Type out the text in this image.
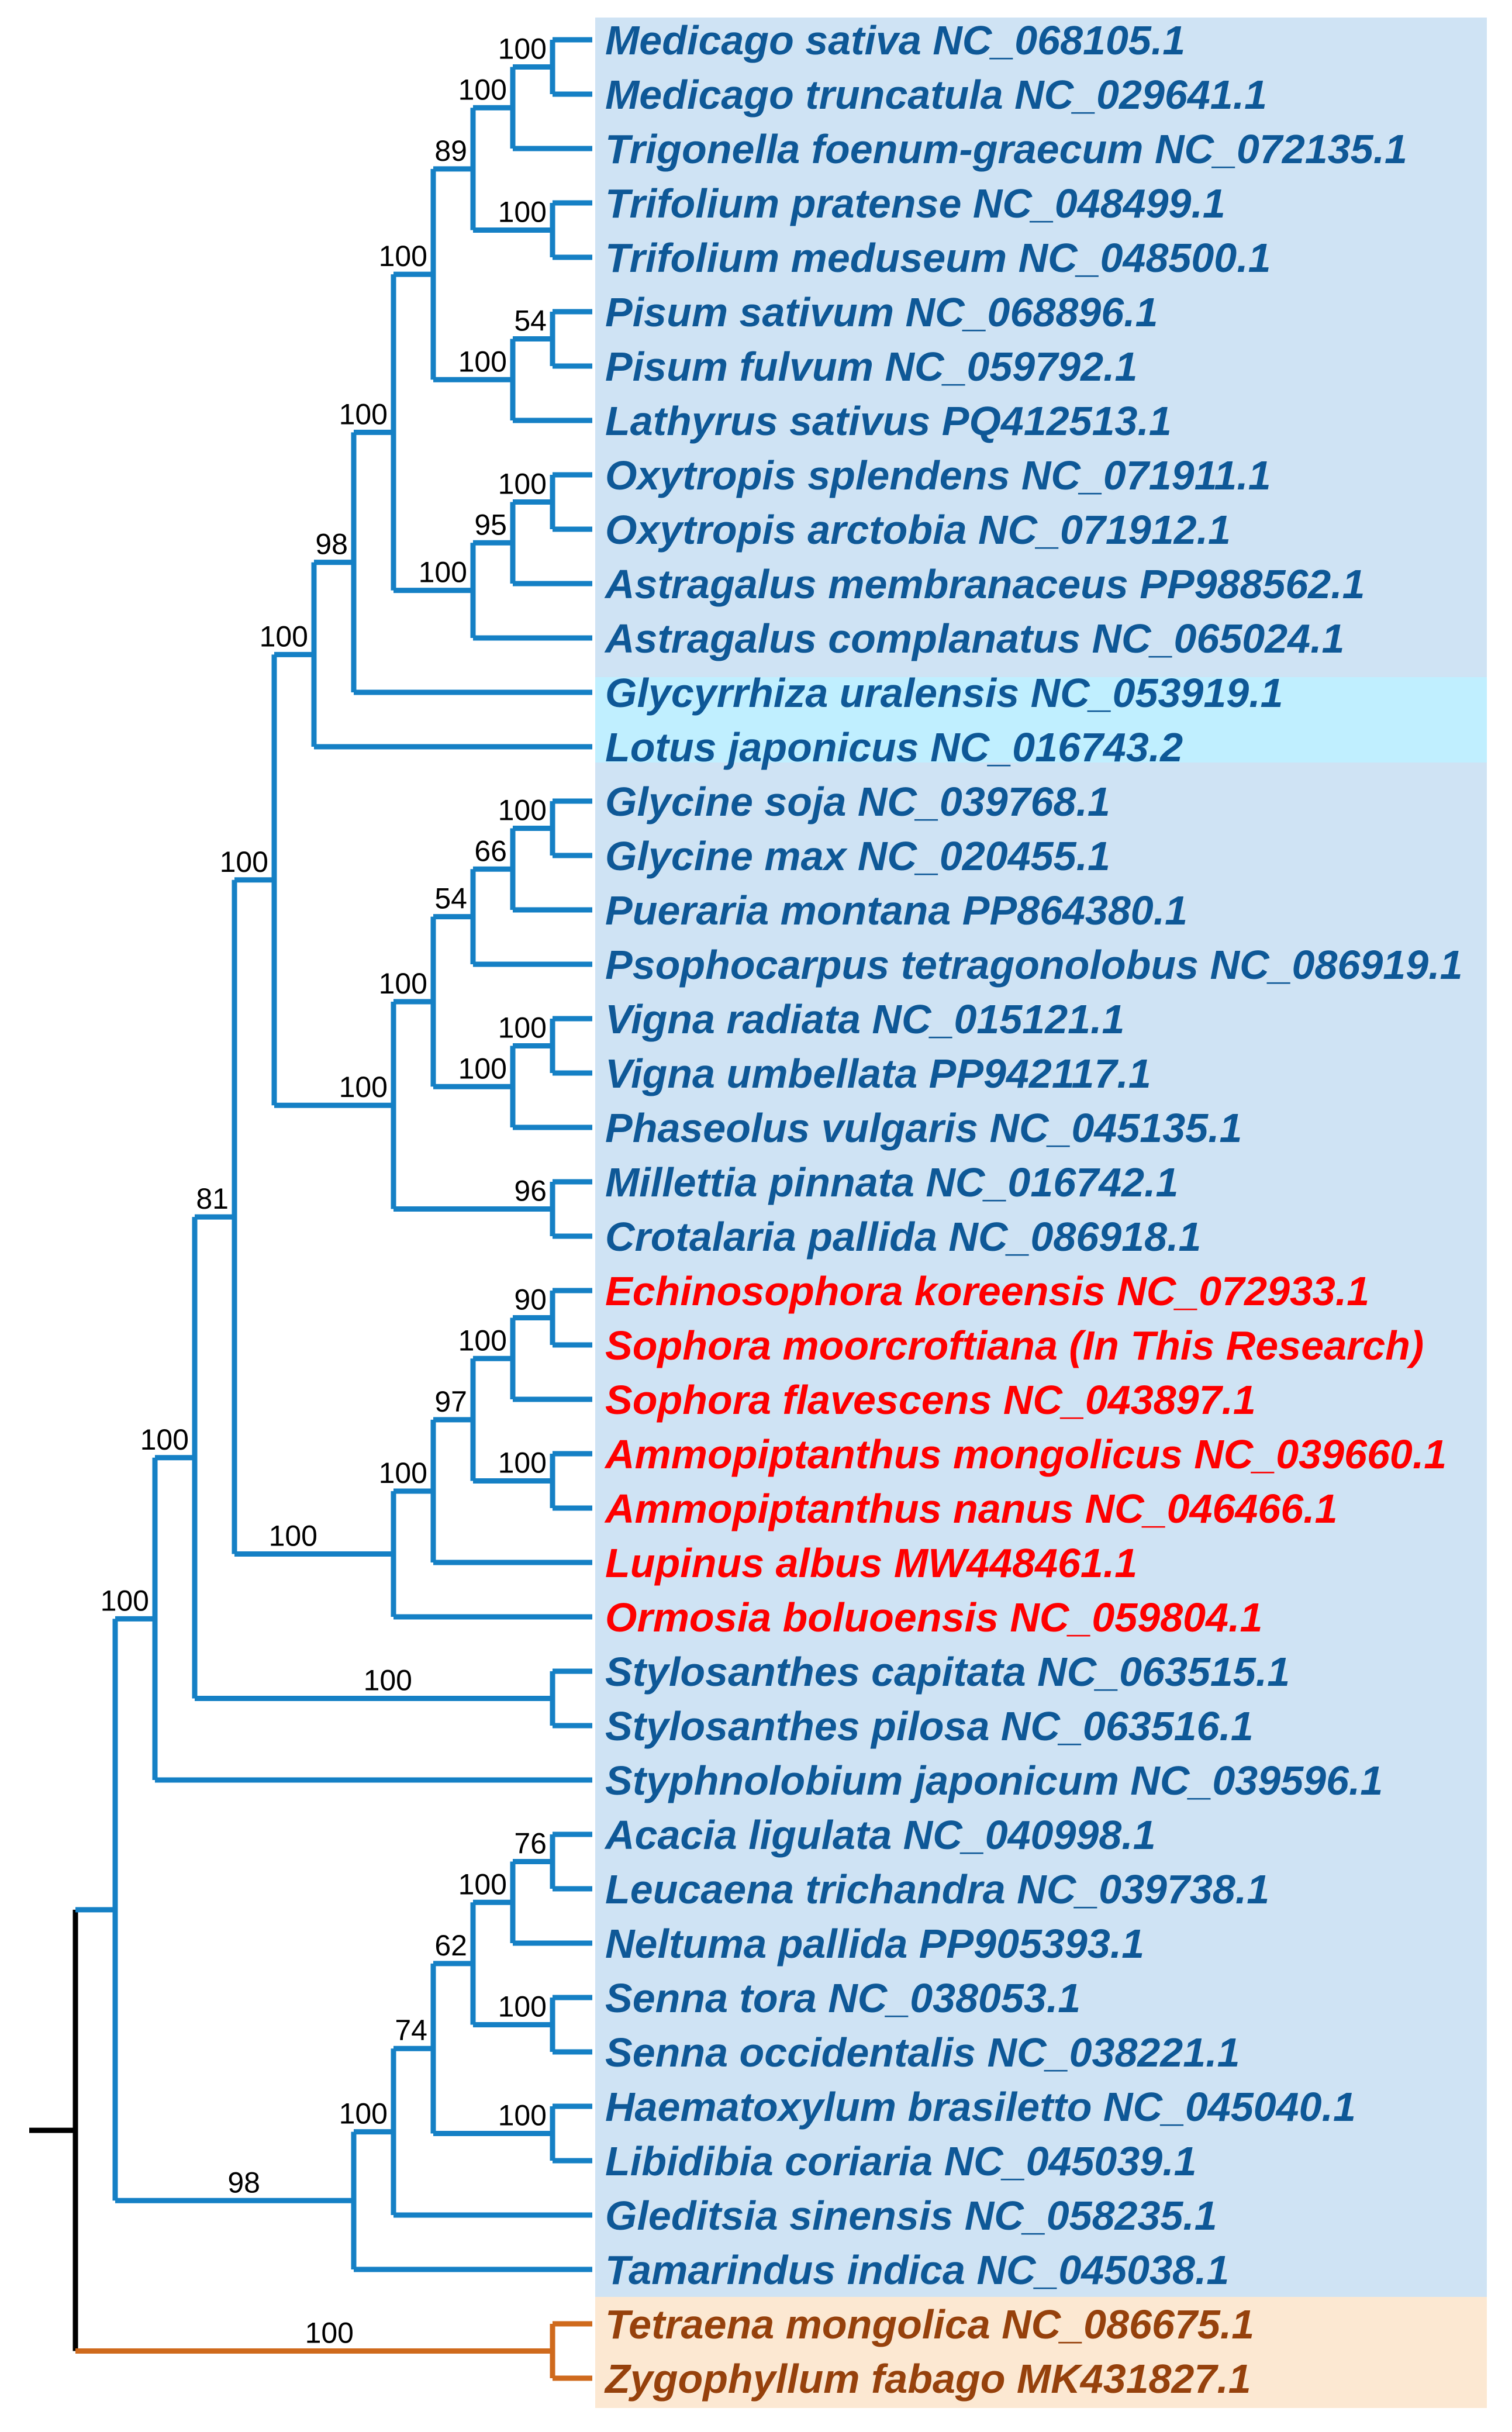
Medicago sativa NC_068105.1
Medicago truncatula NC_029641.1
100
Trigonella foenum-graecum NC_072135.1
100
Trifolium pratense NC_048499.1
Trifolium meduseum NC_048500.1
100
89
Pisum sativum NC_068896.1
Pisum fulvum NC_059792.1
54
Lathyrus sativus PQ412513.1
100
100
Oxytropis splendens NC_071911.1
Oxytropis arctobia NC_071912.1
100
Astragalus membranaceus PP988562.1
95
Astragalus complanatus NC_065024.1
100
100
Glycyrrhiza uralensis NC_053919.1
98
Lotus japonicus NC_016743.2
100
Glycine soja NC_039768.1
Glycine max NC_020455.1
100
Pueraria montana PP864380.1
66
Psophocarpus tetragonolobus NC_086919.1
54
Vigna radiata NC_015121.1
Vigna umbellata PP942117.1
100
Phaseolus vulgaris NC_045135.1
100
100
Millettia pinnata NC_016742.1
Crotalaria pallida NC_086918.1
96
100
100
Echinosophora koreensis NC_072933.1
Sophora moorcroftiana (In This Research)
90
Sophora flavescens NC_043897.1
100
Ammopiptanthus mongolicus NC_039660.1
Ammopiptanthus nanus NC_046466.1
100
97
Lupinus albus MW448461.1
100
Ormosia boluoensis NC_059804.1
100
81
Stylosanthes capitata NC_063515.1
Stylosanthes pilosa NC_063516.1
100
100
Styphnolobium japonicum NC_039596.1
100
Acacia ligulata NC_040998.1
Leucaena trichandra NC_039738.1
76
Neltuma pallida PP905393.1
100
Senna tora NC_038053.1
Senna occidentalis NC_038221.1
100
62
Haematoxylum brasiletto NC_045040.1
Libidibia coriaria NC_045039.1
100
74
Gleditsia sinensis NC_058235.1
100
Tamarindus indica NC_045038.1
98
Tetraena mongolica NC_086675.1
Zygophyllum fabago MK431827.1
100
